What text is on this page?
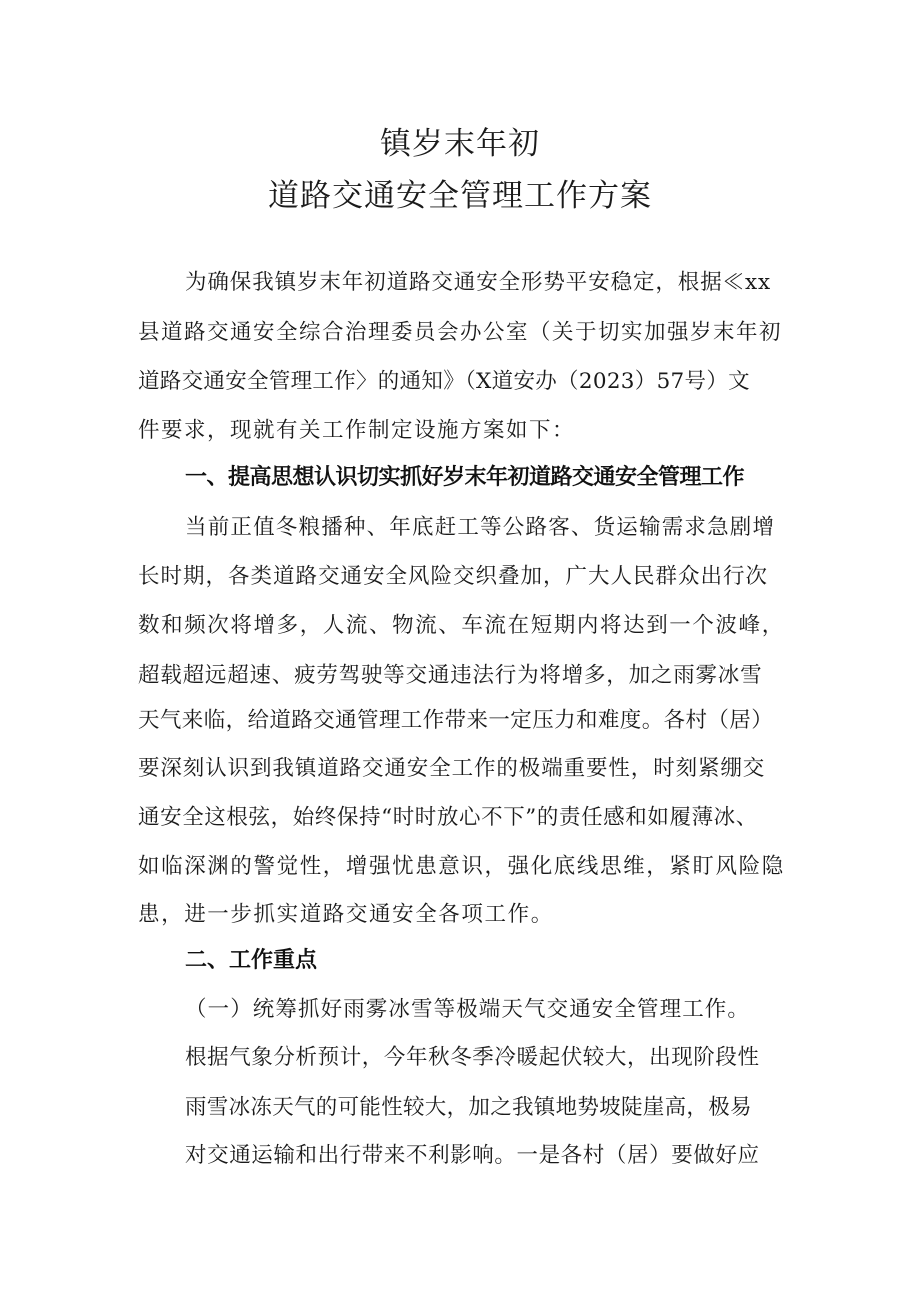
镇岁末年初
道路交通安全管理工作方案

为确保我镇岁末年初道路交通安全形势平安稳定，根据≪xx

县道路交通安全综合治理委员会办公室（关于切实加强岁末年初

道路交通安全管理工作〉的通知》（X道安办（2023）57号）文

件要求，现就有关工作制定设施方案如下：

一、提高思想认识切实抓好岁末年初道路交通安全管理工作

当前正值冬粮播种、年底赶工等公路客、货运输需求急剧增

长时期，各类道路交通安全风险交织叠加，广大人民群众出行次

数和频次将增多，人流、物流、车流在短期内将达到一个波峰，

超载超远超速、疲劳驾驶等交通违法行为将增多，加之雨雾冰雪

天气来临，给道路交通管理工作带来一定压力和难度。各村（居）

要深刻认识到我镇道路交通安全工作的极端重要性，时刻紧绷交

通安全这根弦，始终保持“时时放心不下”的责任感和如履薄冰、

如临深渊的警觉性，增强忧患意识，强化底线思维，紧盯风险隐

患，进一步抓实道路交通安全各项工作。

二、工作重点

（一）统筹抓好雨雾冰雪等极端天气交通安全管理工作。

根据气象分析预计，今年秋冬季冷暖起伏较大，出现阶段性

雨雪冰冻天气的可能性较大，加之我镇地势坡陡崖高，极易

对交通运输和出行带来不利影响。一是各村（居）要做好应
